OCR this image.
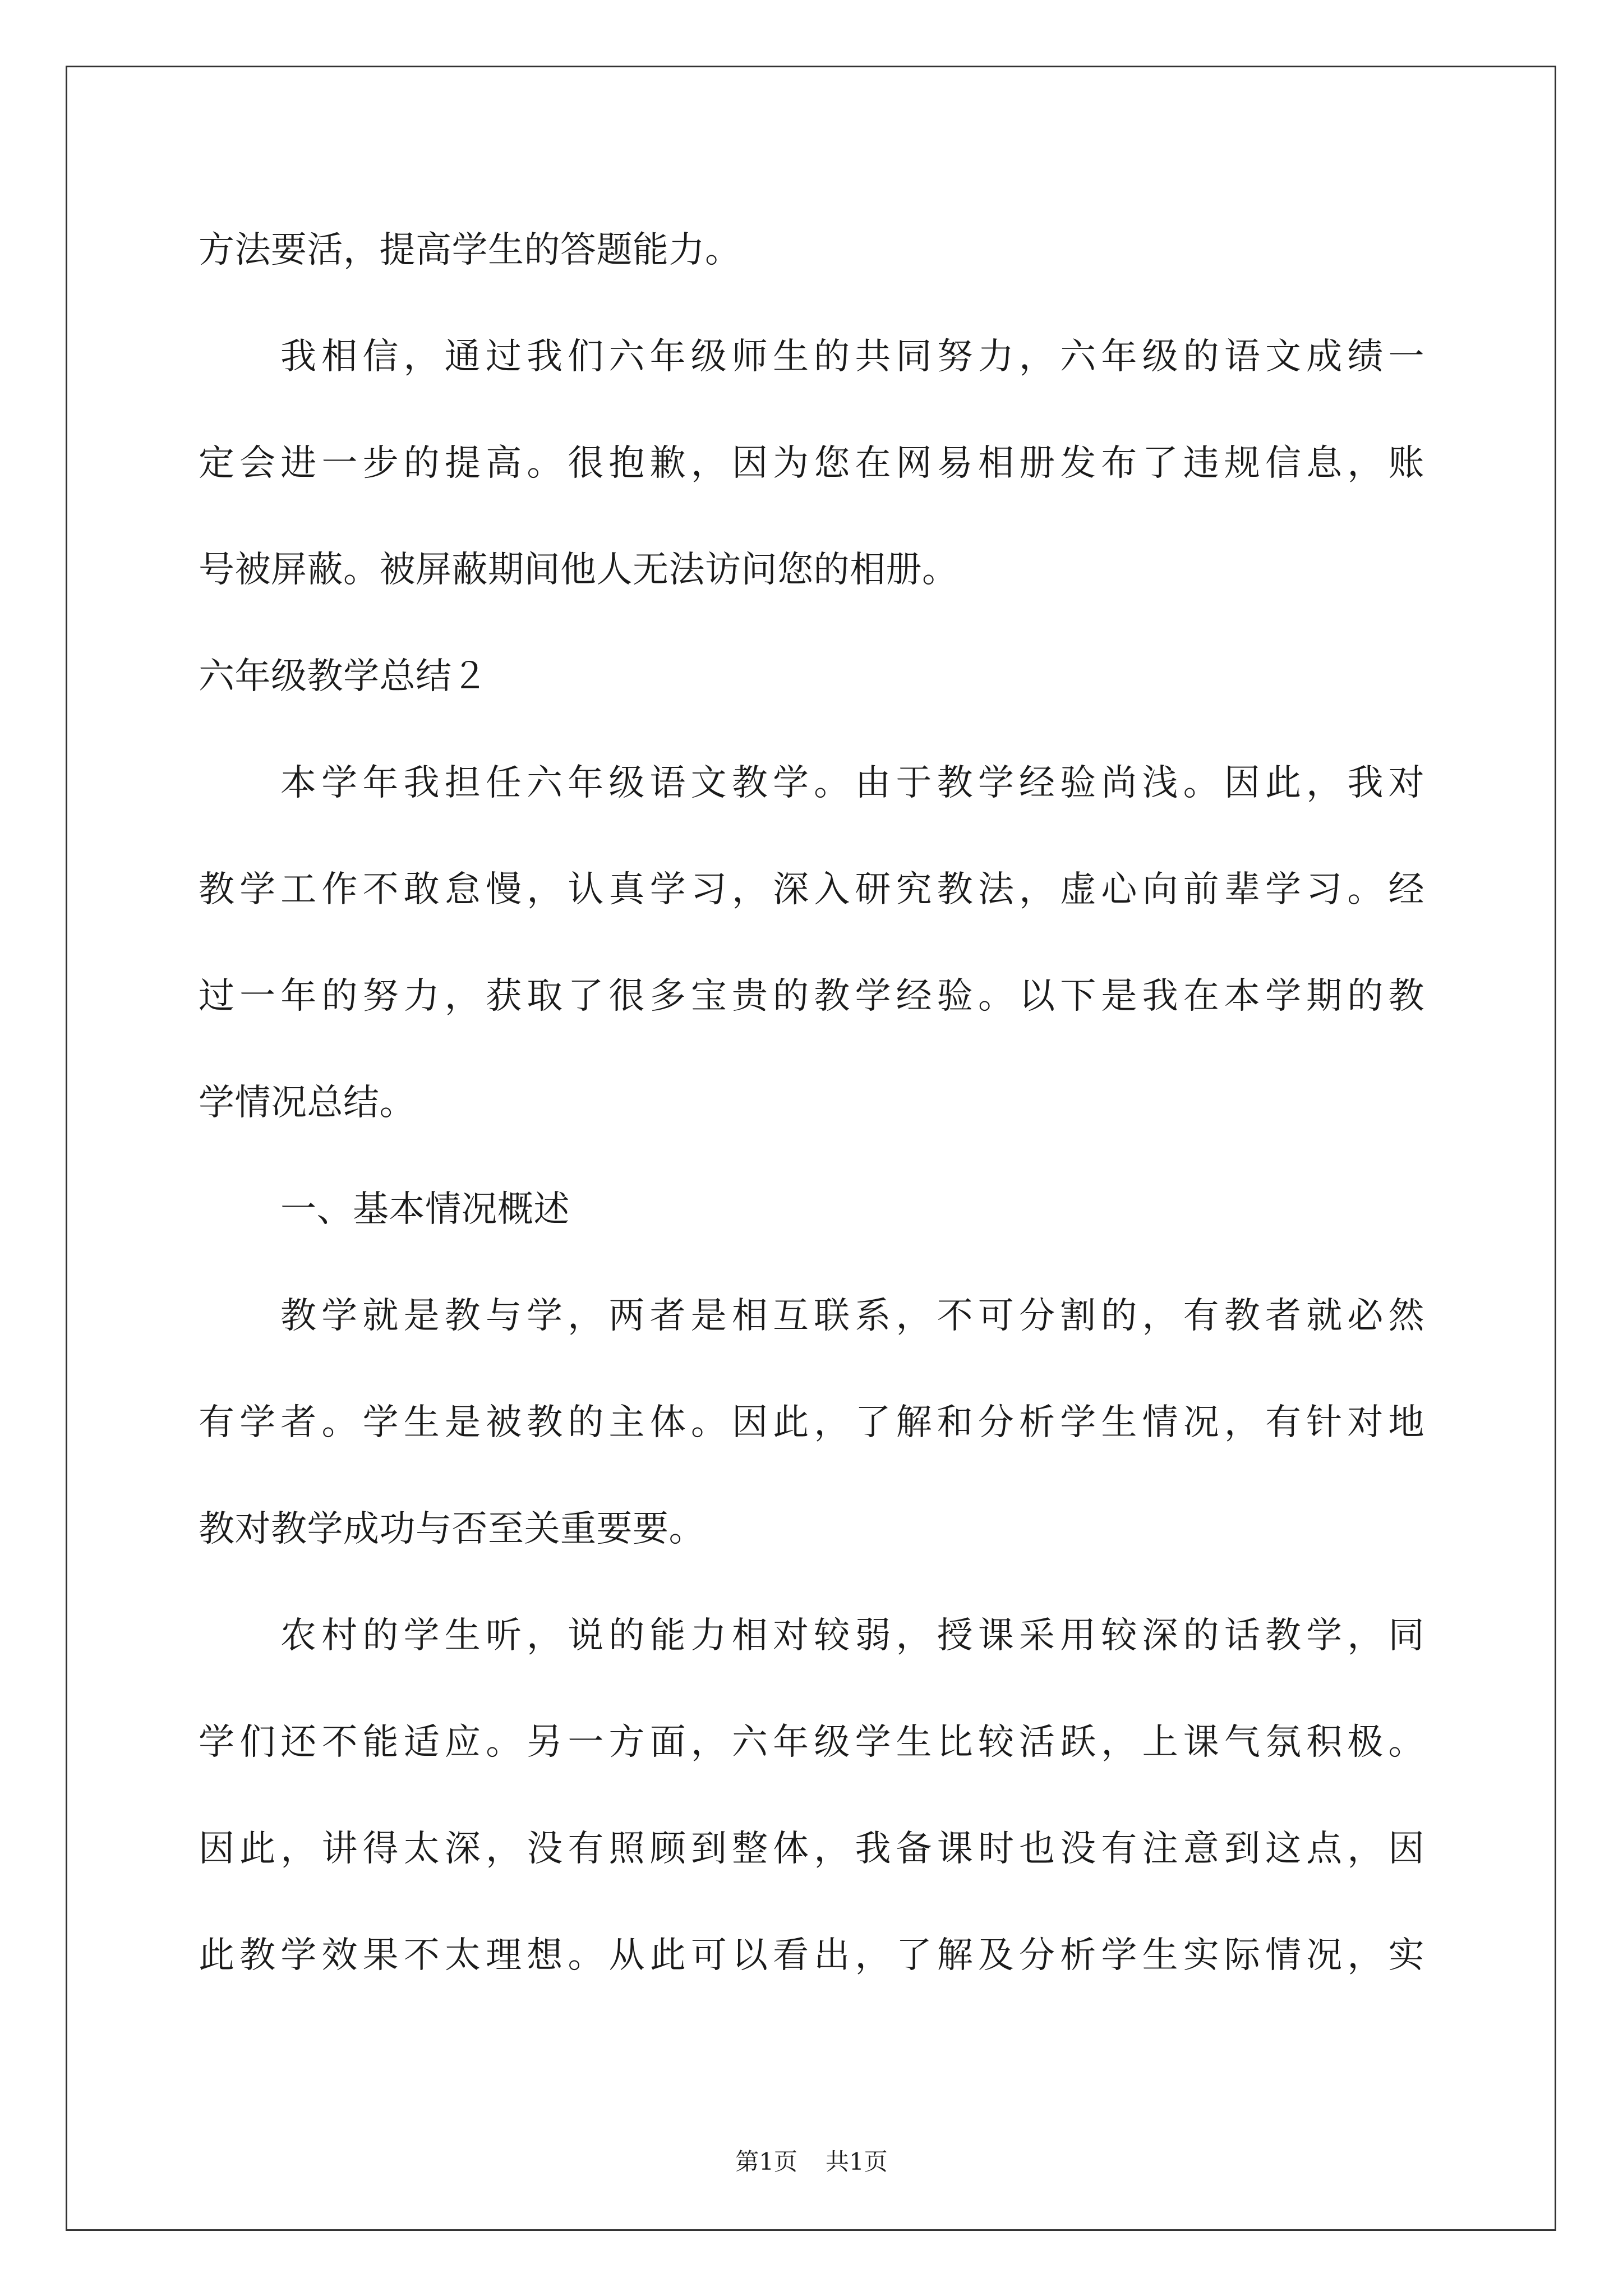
方法要活，提高学生的答题能力。

我相信，通过我们六年级师生的共同努力，六年级的语文成绩一

定会进一步的提高。很抱歉，因为您在网易相册发布了违规信息，账

号被屏蔽。被屏蔽期间他人无法访问您的相册。

六年级教学总结２

本学年我担任六年级语文教学。由于教学经验尚浅。因此，我对

教学工作不敢怠慢，认真学习，深入研究教法，虚心向前辈学习。经

过一年的努力，获取了很多宝贵的教学经验。以下是我在本学期的教

学情况总结。

一、基本情况概述

教学就是教与学，两者是相互联系，不可分割的，有教者就必然

有学者。学生是被教的主体。因此，了解和分析学生情况，有针对地

教对教学成功与否至关重要要。

农村的学生听，说的能力相对较弱，授课采用较深的话教学，同

学们还不能适应。另一方面，六年级学生比较活跃，上课气氛积极。

因此，讲得太深，没有照顾到整体，我备课时也没有注意到这点，因

此教学效果不太理想。从此可以看出，了解及分析学生实际情况，实

第1页 共1页
